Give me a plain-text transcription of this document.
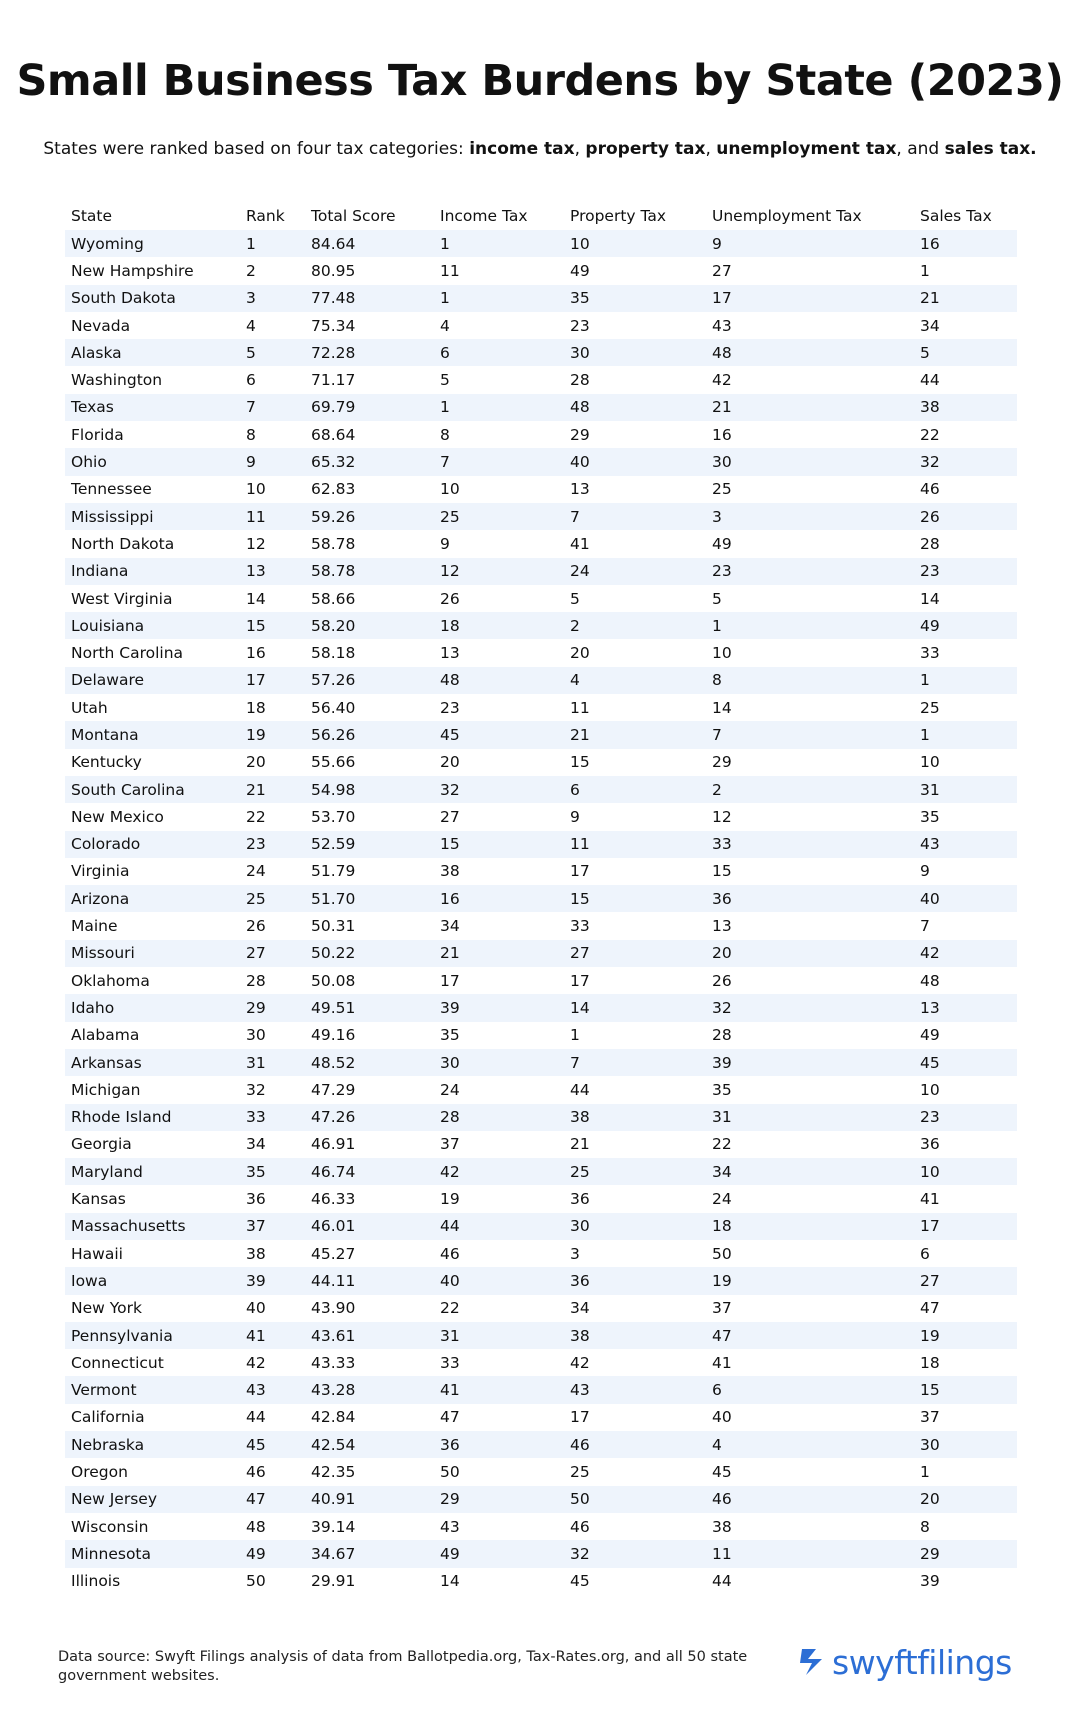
Small Business Tax Burdens by State (2023)
States were ranked based on four tax categories: income tax, property tax, unemployment tax, and sales tax.
State	Rank	Total Score	Income Tax	Property Tax	Unemployment Tax	Sales Tax
Wyoming	1	84.64	1	10	9	16
New Hampshire	2	80.95	11	49	27	1
South Dakota	3	77.48	1	35	17	21
Nevada	4	75.34	4	23	43	34
Alaska	5	72.28	6	30	48	5
Washington	6	71.17	5	28	42	44
Texas	7	69.79	1	48	21	38
Florida	8	68.64	8	29	16	22
Ohio	9	65.32	7	40	30	32
Tennessee	10	62.83	10	13	25	46
Mississippi	11	59.26	25	7	3	26
North Dakota	12	58.78	9	41	49	28
Indiana	13	58.78	12	24	23	23
West Virginia	14	58.66	26	5	5	14
Louisiana	15	58.20	18	2	1	49
North Carolina	16	58.18	13	20	10	33
Delaware	17	57.26	48	4	8	1
Utah	18	56.40	23	11	14	25
Montana	19	56.26	45	21	7	1
Kentucky	20	55.66	20	15	29	10
South Carolina	21	54.98	32	6	2	31
New Mexico	22	53.70	27	9	12	35
Colorado	23	52.59	15	11	33	43
Virginia	24	51.79	38	17	15	9
Arizona	25	51.70	16	15	36	40
Maine	26	50.31	34	33	13	7
Missouri	27	50.22	21	27	20	42
Oklahoma	28	50.08	17	17	26	48
Idaho	29	49.51	39	14	32	13
Alabama	30	49.16	35	1	28	49
Arkansas	31	48.52	30	7	39	45
Michigan	32	47.29	24	44	35	10
Rhode Island	33	47.26	28	38	31	23
Georgia	34	46.91	37	21	22	36
Maryland	35	46.74	42	25	34	10
Kansas	36	46.33	19	36	24	41
Massachusetts	37	46.01	44	30	18	17
Hawaii	38	45.27	46	3	50	6
Iowa	39	44.11	40	36	19	27
New York	40	43.90	22	34	37	47
Pennsylvania	41	43.61	31	38	47	19
Connecticut	42	43.33	33	42	41	18
Vermont	43	43.28	41	43	6	15
California	44	42.84	47	17	40	37
Nebraska	45	42.54	36	46	4	30
Oregon	46	42.35	50	25	45	1
New Jersey	47	40.91	29	50	46	20
Wisconsin	48	39.14	43	46	38	8
Minnesota	49	34.67	49	32	11	29
Illinois	50	29.91	14	45	44	39
Data source: Swyft Filings analysis of data from Ballotpedia.org, Tax-Rates.org, and all 50 state government websites.	swyftfilings
